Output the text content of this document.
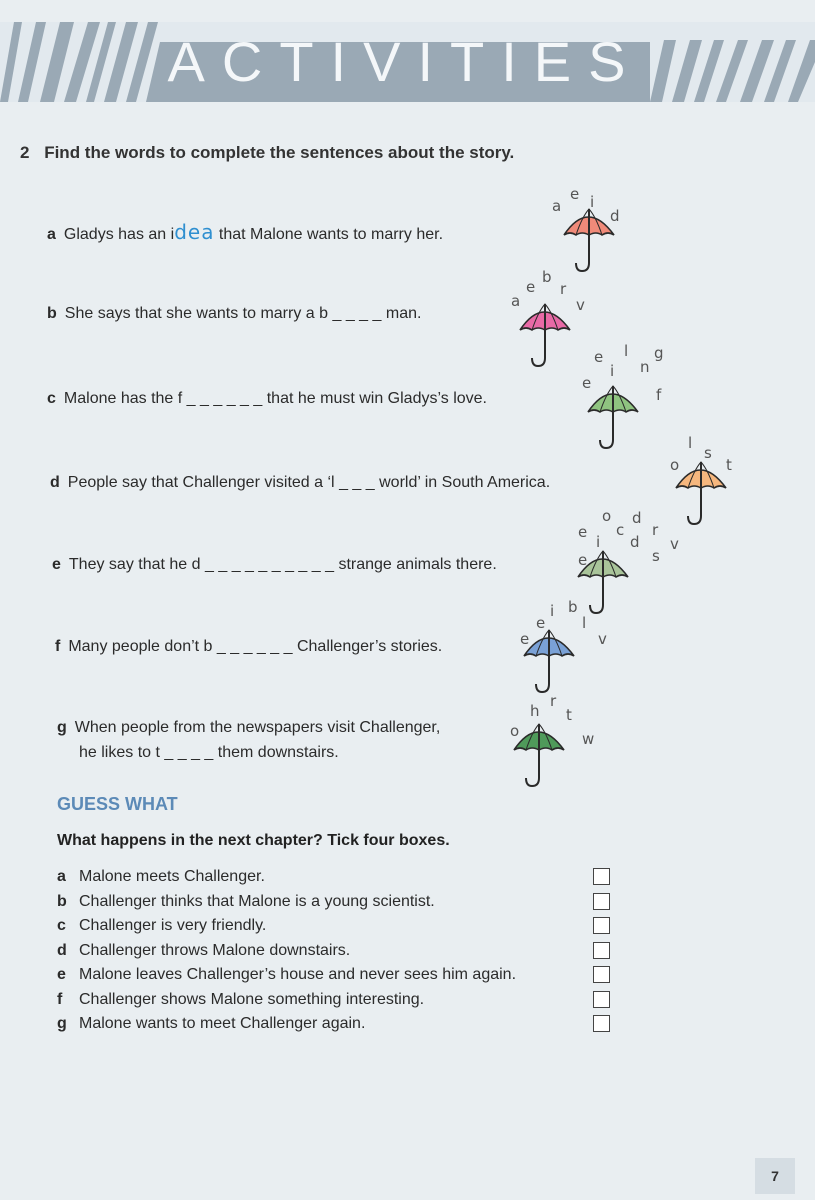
ACTIVITIES
2 Find the words to complete the sentences about the story.
a Gladys has an idea that Malone wants to marry her.
b She says that she wants to marry a b _ _ _ _ man.
c Malone has the f _ _ _ _ _ _ that he must win Gladys’s love.
d People say that Challenger visited a ‘l _ _ _ world’ in South America.
e They say that he d _ _ _ _ _ _ _ _ _ _ strange animals there.
f Many people don’t b _ _ _ _ _ _ Challenger’s stories.
g When people from the newspapers visit Challenger,
he likes to t _ _ _ _ them downstairs.
a
e i
d
a
e
b
r
v
e
e
i
l
n
g
f
o
l
s
t
e
e
i
o
c
d
d
r
s
v
e
e
i b
l
v
o
h
r
t
w
GUESS WHAT
What happens in the next chapter? Tick four boxes.
a Malone meets Challenger.
b Challenger thinks that Malone is a young scientist.
c Challenger is very friendly.
d Challenger throws Malone downstairs.
e Malone leaves Challenger’s house and never sees him again.
f Challenger shows Malone something interesting.
g Malone wants to meet Challenger again.
7
